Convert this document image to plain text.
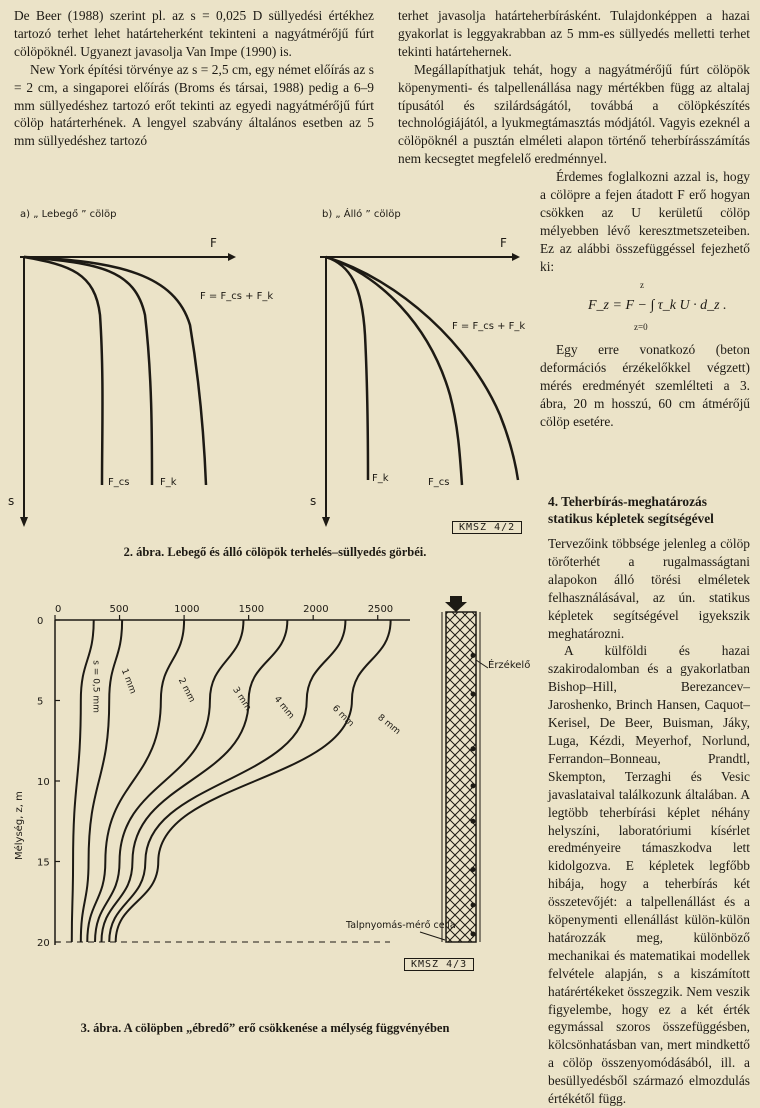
De Beer (1988) szerint pl. az s = 0,025 D süllyedési értékhez tartozó terhet lehet határteherként tekinteni a nagyátmérőjű fúrt cölöpöknél. Ugyanezt javasolja Van Impe (1990) is.

New York építési törvénye az s = 2,5 cm, egy német előírás az s = 2 cm, a singaporei előírás (Broms és társai, 1988) pedig a 6–9 mm süllyedéshez tartozó erőt tekinti az egyedi nagyátmérőjű fúrt cölöp határterhének. A lengyel szabvány általános esetben az 5 mm süllyedéshez tartozó

terhet javasolja határteherbírásként. Tulajdonképpen a hazai gyakorlat is leggyakrabban az 5 mm-es süllyedés melletti terhet tekinti határtehernek.

Megállapíthatjuk tehát, hogy a nagyátmérőjű fúrt cölöpök köpenymenti- és talpellenállása nagy mértékben függ az altalaj típusától és szilárdságától, továbbá a cölöpkészítés technológiájától, a lyukmegtámasztás módjától. Vagyis ezeknél a cölöpöknél a pusztán elméleti alapon történő teherbírásszámítás nem kecsegtet megfelelő eredménnyel.

Érdemes foglalkozni azzal is, hogy a cölöpre a fejen átadott F erő hogyan csökken az U kerületű cölöp mélyebben lévő keresztmetszeteiben. Ez az alábbi összefüggéssel fejezhető ki:

z
F_z = F − ∫ τ_k U · d_z .
z=0

Egy erre vonatkozó (beton deformációs érzékelőkkel végzett) mérés eredményét szemlélteti a 3. ábra, 20 m hosszú, 60 cm átmérőjű cölöp esetére.

4. Teherbírás-meghatározás statikus képletek segítségével

Tervezőink többsége jelenleg a cölöp törőterhét a rugalmasságtani alapokon álló törési elméletek felhasználásával, az ún. statikus képletek segítségével igyekszik meghatározni.

A külföldi és hazai szakirodalomban és a gyakorlatban Bishop–Hill, Berezancev–Jaroshenko, Brinch Hansen, Caquot–Kerisel, De Beer, Buisman, Jáky, Luga, Kézdi, Meyerhof, Norlund, Ferrandon–Bonneau, Prandtl, Skempton, Terzaghi és Vesic javaslataival találkozunk általában. A legtöbb teherbírási képlet néhány helyszíni, laboratóriumi kísérlet eredményeire támaszkodva lett kidolgozva. E képletek legfőbb hibája, hogy a teherbírás két összetevőjét: a talpellenállást és a köpenymenti ellenállást külön-külön határozzák meg, különböző mechanikai és matematikai modellek felvétele alapján, s a kiszámított határértékeket összegzik. Nem veszik figyelembe, hogy ez a két érték egymással szoros összefüggésben, kölcsönhatásban van, mert mindkettő a cölöp összenyomódásából, ill. a besüllyedésből származó elmozdulás értékétől függ.

a) „ Lebegő ” cölöp	b) „ Álló ” cölöp
F
s
F = F_cs + F_k
F_cs	F_k
F
s
F = F_cs + F_k
F_k	F_cs
KMSZ 4/2
2. ábra. Lebegő és álló cölöpök terhelés–süllyedés görbéi.
0	500	1000	1500	2000	2500
0
5
10
15
20
s = 0,5 mm 1 mm	2 mm	3 mm 4 mm	6 mm 8 mm
Mélység, z, m
Érzékelő
Talpnyomás-mérő cella
KMSZ 4/3
3. ábra. A cölöpben „ébredő” erő csökkenése a mélység függvényében
